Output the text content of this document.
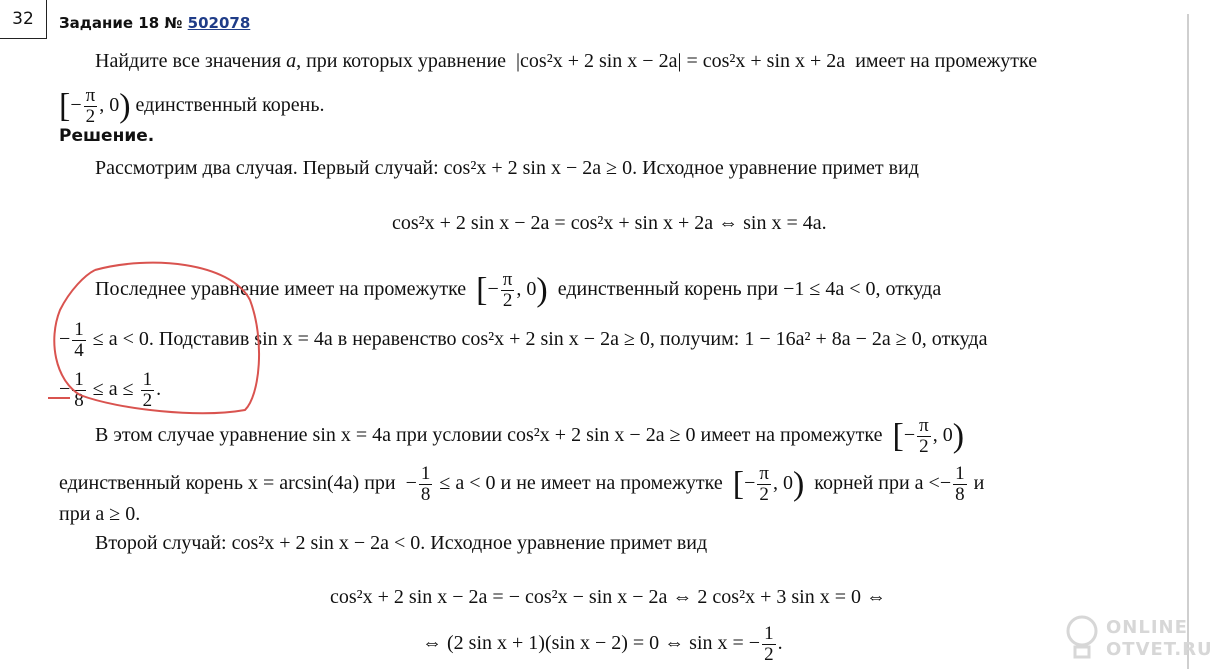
32 Задание 18 № 502078
Найдите все значения a, при которых уравнение |cos²x + 2 sin x − 2a| = cos²x + sin x + 2a имеет на промежутке
[− $\frac{\pi}{2}$ , 0) единственный корень.
Решение.
Рассмотрим два случая. Первый случай: cos²x + 2 sin x − 2a ≥ 0. Исходное уравнение примет вид
cos²x + 2 sin x − 2a = cos²x + sin x + 2a ⇔ sin x = 4a.
Последнее уравнение имеет на промежутке [− $\frac{\pi}{2}$ , 0) единственный корень при −1 ≤ 4a < 0, откуда
− $\frac{1}{4} \le a < 0$. Подставив sin x = 4a в неравенство cos²x + 2 sin x − 2a ≥ 0, получим: 1 − 16a² + 8a − 2a ≥ 0, откуда
− $\frac{1}{8} \le a \le \frac{1}{2}$ .
В этом случае уравнение sin x = 4a при условии cos²x + 2 sin x − 2a ≥ 0 имеет на промежутке [− $\frac{\pi}{2}$ , 0)
единственный корень x = arcsin(4a) при  − $\frac{1}{8} \le a < 0$ и не имеет на промежутке [− $\frac{\pi}{2}$ , 0) корней при $a <- \frac{1}{8}$ и
при a ≥ 0.
Второй случай: cos²x + 2 sin x − 2a < 0. Исходное уравнение примет вид
cos²x + 2 sin x − 2a = − cos²x − sin x − 2a ⇔ 2 cos²x + 3 sin x = 0 ⇔
⇔ (2 sin x + 1)(sin x − 2) = 0 ⇔ sin x = − $\frac{1}{2}$ .
ONLINE
OTVET.RU
